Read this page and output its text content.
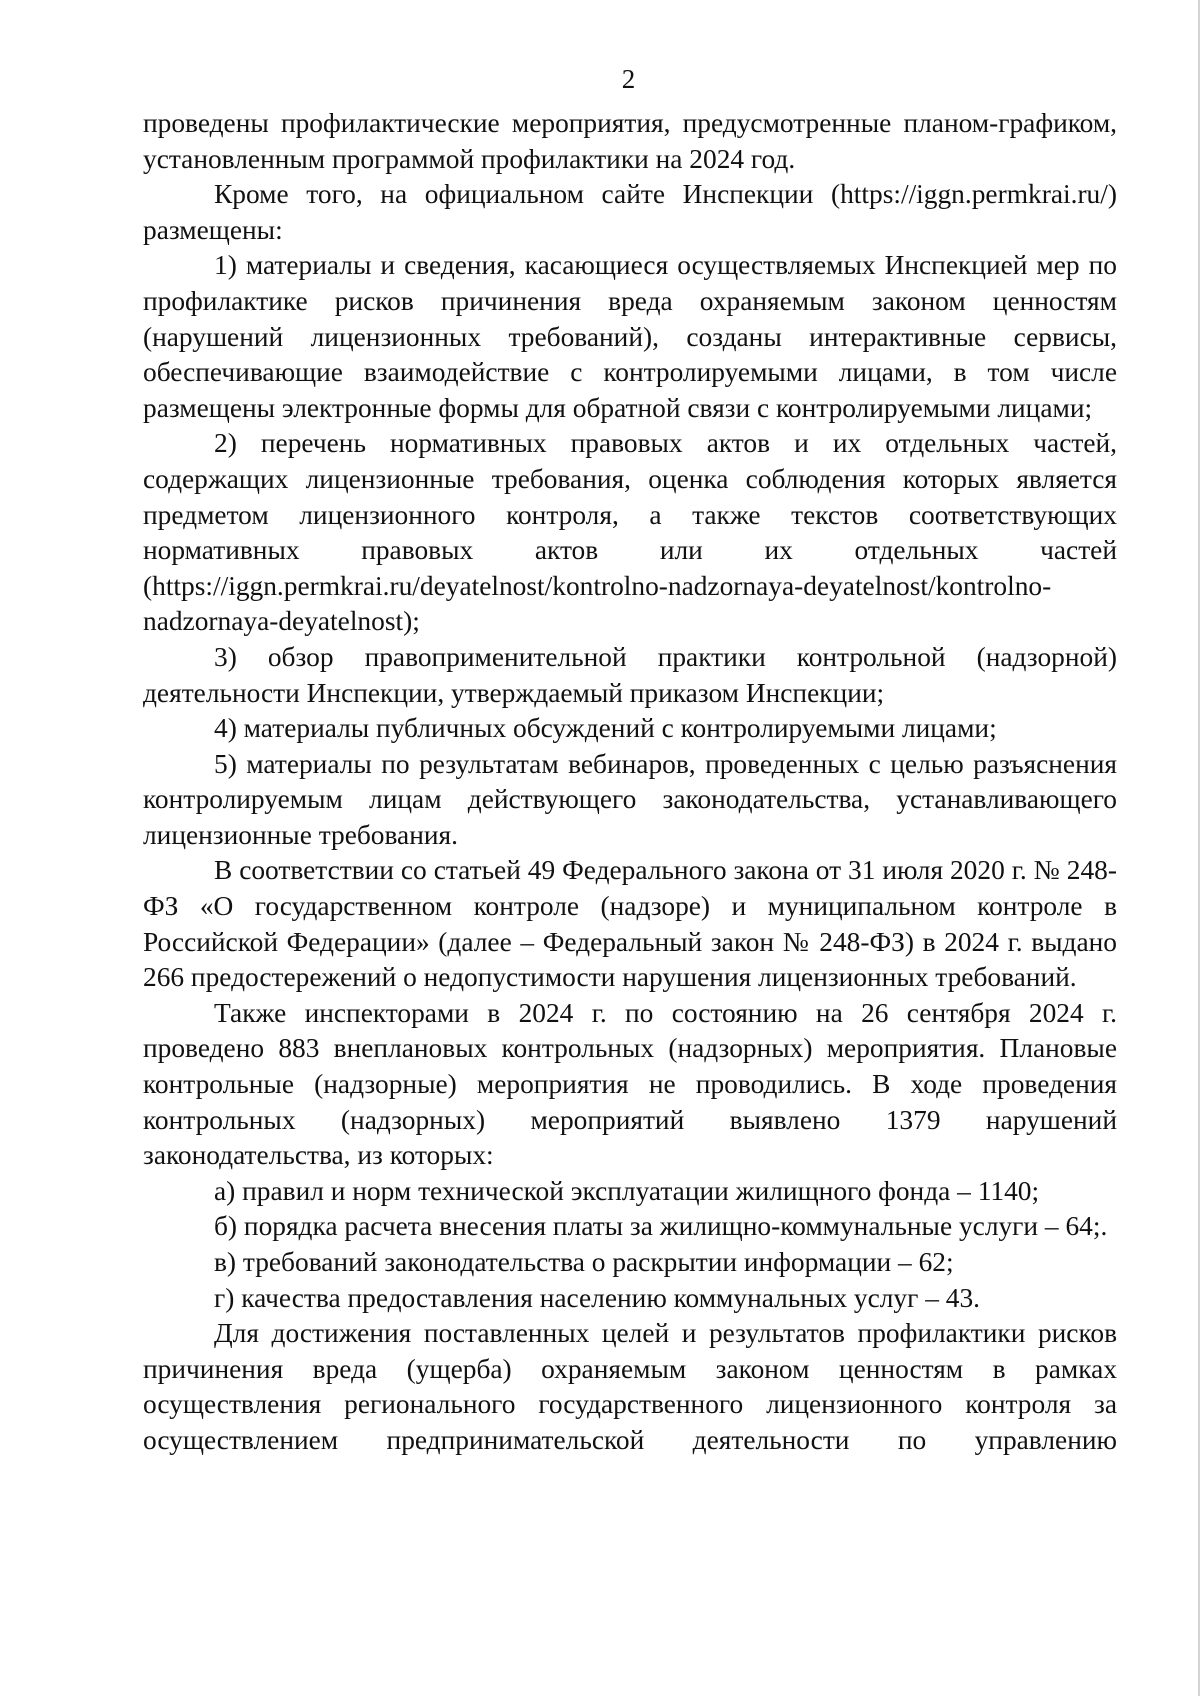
2

проведены профилактические мероприятия, предусмотренные планом-графиком, установленным программой профилактики на 2024 год.

Кроме того, на официальном сайте Инспекции (https://iggn.permkrai.ru/) размещены:

1) материалы и сведения, касающиеся осуществляемых Инспекцией мер по профилактике рисков причинения вреда охраняемым законом ценностям (нарушений лицензионных требований), созданы интерактивные сервисы, обеспечивающие взаимодействие с контролируемыми лицами, в том числе размещены электронные формы для обратной связи с контролируемыми лицами;

2) перечень нормативных правовых актов и их отдельных частей, содержащих лицензионные требования, оценка соблюдения которых является предметом лицензионного контроля, а также текстов соответствующих нормативных правовых актов или их отдельных частей

(https://iggn.permkrai.ru/deyatelnost/kontrolno-nadzornaya-deyatelnost/kontrolno-nadzornaya-deyatelnost);

3) обзор правоприменительной практики контрольной (надзорной) деятельности Инспекции, утверждаемый приказом Инспекции;

4) материалы публичных обсуждений с контролируемыми лицами;

5) материалы по результатам вебинаров, проведенных с целью разъяснения контролируемым лицам действующего законодательства, устанавливающего лицензионные требования.

В соответствии со статьей 49 Федерального закона от 31 июля 2020 г. № 248-ФЗ «О государственном контроле (надзоре) и муниципальном контроле в Российской Федерации» (далее – Федеральный закон № 248-ФЗ) в 2024 г. выдано 266 предостережений о недопустимости нарушения лицензионных требований.

Также инспекторами в 2024 г. по состоянию на 26 сентября 2024 г. проведено 883 внеплановых контрольных (надзорных) мероприятия. Плановые контрольные (надзорные) мероприятия не проводились. В ходе проведения контрольных (надзорных) мероприятий выявлено 1379 нарушений законодательства, из которых:

а) правил и норм технической эксплуатации жилищного фонда – 1140;

б) порядка расчета внесения платы за жилищно-коммунальные услуги – 64;.

в) требований законодательства о раскрытии информации – 62;

г) качества предоставления населению коммунальных услуг – 43.

Для достижения поставленных целей и результатов профилактики рисков причинения вреда (ущерба) охраняемым законом ценностям в рамках осуществления регионального государственного лицензионного контроля за осуществлением предпринимательской деятельности по управлению
